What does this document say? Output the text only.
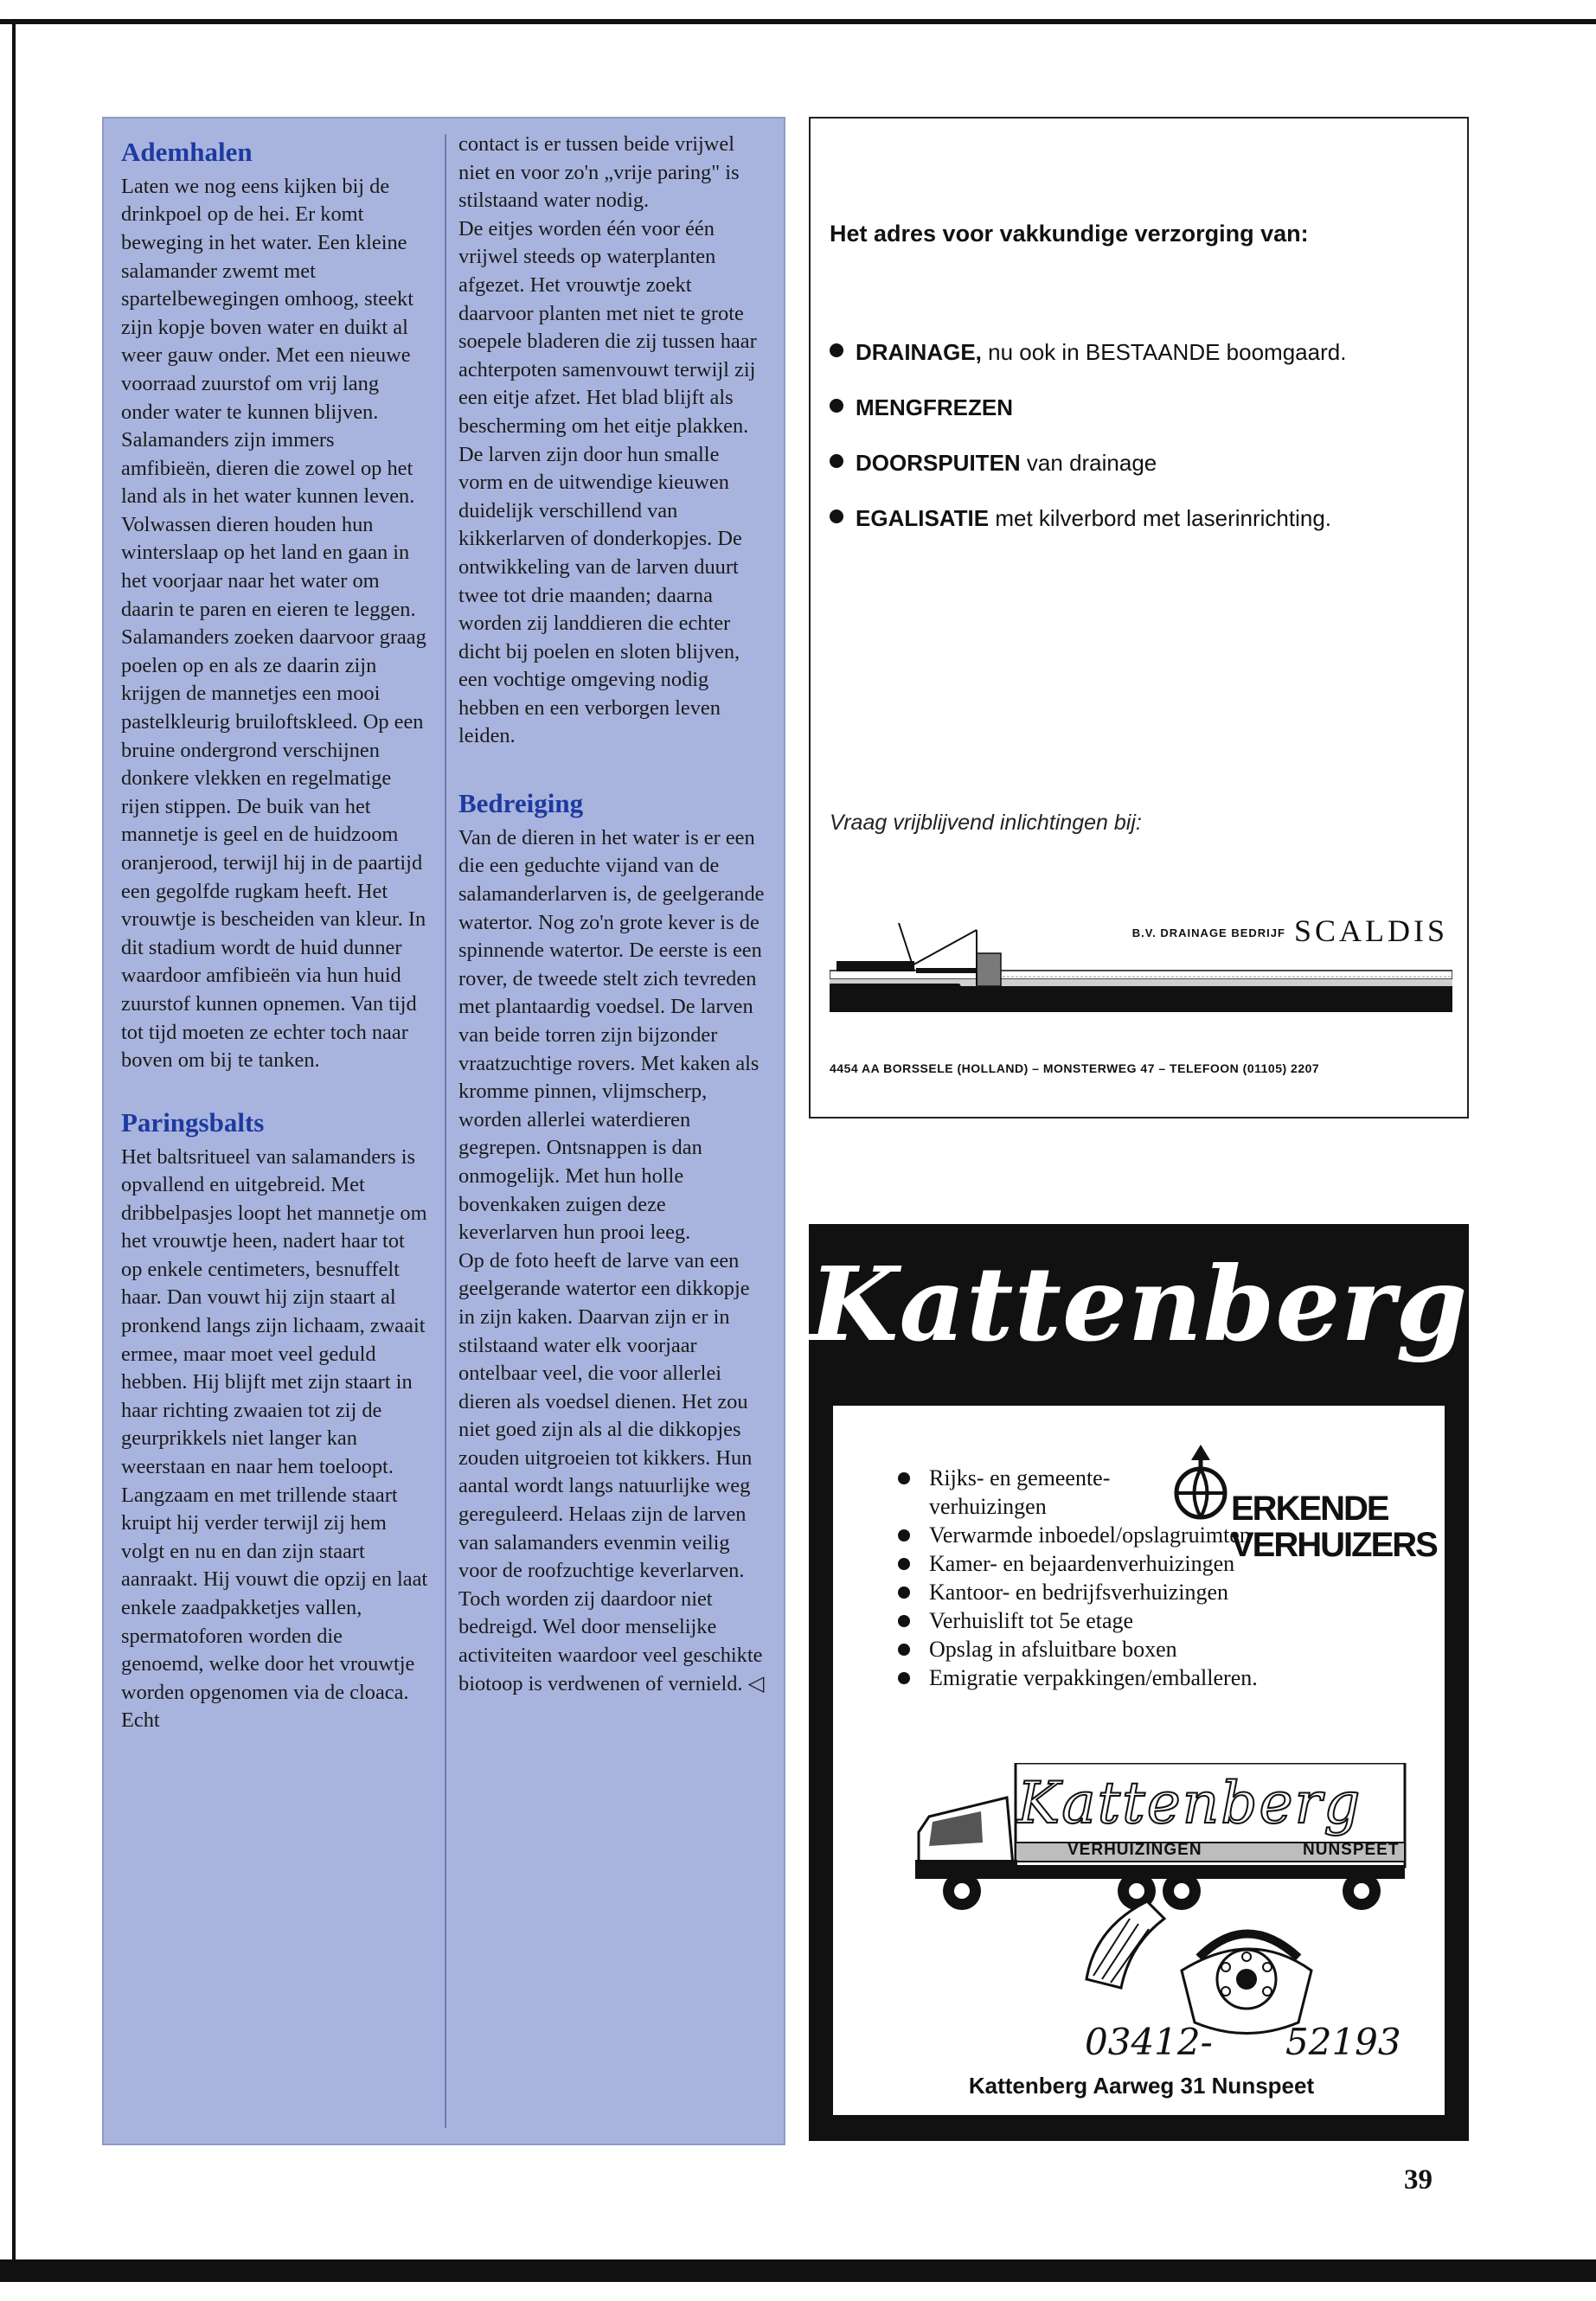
Ademhalen

Laten we nog eens kijken bij de drinkpoel op de hei. Er komt beweging in het water. Een kleine salamander zwemt met spartelbewegingen omhoog, steekt zijn kopje boven water en duikt al weer gauw onder. Met een nieuwe voorraad zuurstof om vrij lang onder water te kunnen blijven. Salamanders zijn immers amfibieën, dieren die zowel op het land als in het water kunnen leven. Volwassen dieren houden hun winterslaap op het land en gaan in het voorjaar naar het water om daarin te paren en eieren te leggen.

Salamanders zoeken daarvoor graag poelen op en als ze daarin zijn krijgen de mannetjes een mooi pastelkleurig bruiloftskleed. Op een bruine ondergrond verschijnen donkere vlekken en regelmatige rijen stippen. De buik van het mannetje is geel en de huidzoom oranjerood, terwijl hij in de paartijd een gegolfde rugkam heeft. Het vrouwtje is bescheiden van kleur. In dit stadium wordt de huid dunner waardoor amfibieën via hun huid zuurstof kunnen opnemen. Van tijd tot tijd moeten ze echter toch naar boven om bij te tanken.

Paringsbalts

Het baltsritueel van salamanders is opvallend en uitgebreid. Met dribbelpasjes loopt het mannetje om het vrouwtje heen, nadert haar tot op enkele centimeters, besnuffelt haar. Dan vouwt hij zijn staart al pronkend langs zijn lichaam, zwaait ermee, maar moet veel geduld hebben. Hij blijft met zijn staart in haar richting zwaaien tot zij de geurprikkels niet langer kan weerstaan en naar hem toeloopt. Langzaam en met trillende staart kruipt hij verder terwijl zij hem volgt en nu en dan zijn staart aanraakt. Hij vouwt die opzij en laat enkele zaadpakketjes vallen, spermatoforen worden die genoemd, welke door het vrouwtje worden opgenomen via de cloaca. Echt

contact is er tussen beide vrijwel niet en voor zo'n „vrije paring" is stilstaand water nodig.

De eitjes worden één voor één vrijwel steeds op waterplanten afgezet. Het vrouwtje zoekt daarvoor planten met niet te grote soepele bladeren die zij tussen haar achterpoten samenvouwt terwijl zij een eitje afzet. Het blad blijft als bescherming om het eitje plakken. De larven zijn door hun smalle vorm en de uitwendige kieuwen duidelijk verschillend van kikkerlarven of donderkopjes. De ontwikkeling van de larven duurt twee tot drie maanden; daarna worden zij landdieren die echter dicht bij poelen en sloten blijven, een vochtige omgeving nodig hebben en een verborgen leven leiden.

Bedreiging

Van de dieren in het water is er een die een geduchte vijand van de salamanderlarven is, de geelgerande watertor. Nog zo'n grote kever is de spinnende watertor. De eerste is een rover, de tweede stelt zich tevreden met plantaardig voedsel. De larven van beide torren zijn bijzonder vraatzuchtige rovers. Met kaken als kromme pinnen, vlijmscherp, worden allerlei waterdieren gegrepen. Ontsnappen is dan onmogelijk. Met hun holle bovenkaken zuigen deze keverlarven hun prooi leeg.

Op de foto heeft de larve van een geelgerande watertor een dikkopje in zijn kaken. Daarvan zijn er in stilstaand water elk voorjaar ontelbaar veel, die voor allerlei dieren als voedsel dienen. Het zou niet goed zijn als al die dikkopjes zouden uitgroeien tot kikkers. Hun aantal wordt langs natuurlijke weg gereguleerd. Helaas zijn de larven van salamanders evenmin veilig voor de roofzuchtige keverlarven. Toch worden zij daardoor niet bedreigd. Wel door menselijke activiteiten waardoor veel geschikte biotoop is verdwenen of vernield. ◁

Het adres voor vakkundige verzorging van:
DRAINAGE, nu ook in BESTAANDE boomgaard.
MENGFREZEN
DOORSPUITEN van drainage
EGALISATIE met kilverbord met laserinrichting.
Vraag vrijblijvend inlichtingen bij:
$^{B.V. DRAINAGE BEDRIJF}$ SCALDIS
4454 AA BORSSELE (HOLLAND) – MONSTERWEG 47 – TELEFOON (01105) 2207
Kattenberg
Rijks- en gemeente-verhuizingen
Verwarmde inboedel/opslagruimten
Kamer- en bejaardenverhuizingen
Kantoor- en bedrijfsverhuizingen
Verhuislift tot 5e etage
Opslag in afsluitbare boxen
Emigratie verpakkingen/emballeren.
ERKENDE
VERHUIZERS
Kattenberg
VERHUIZINGEN	NUNSPEET
03412- 52193
Kattenberg Aarweg 31 Nunspeet
39
